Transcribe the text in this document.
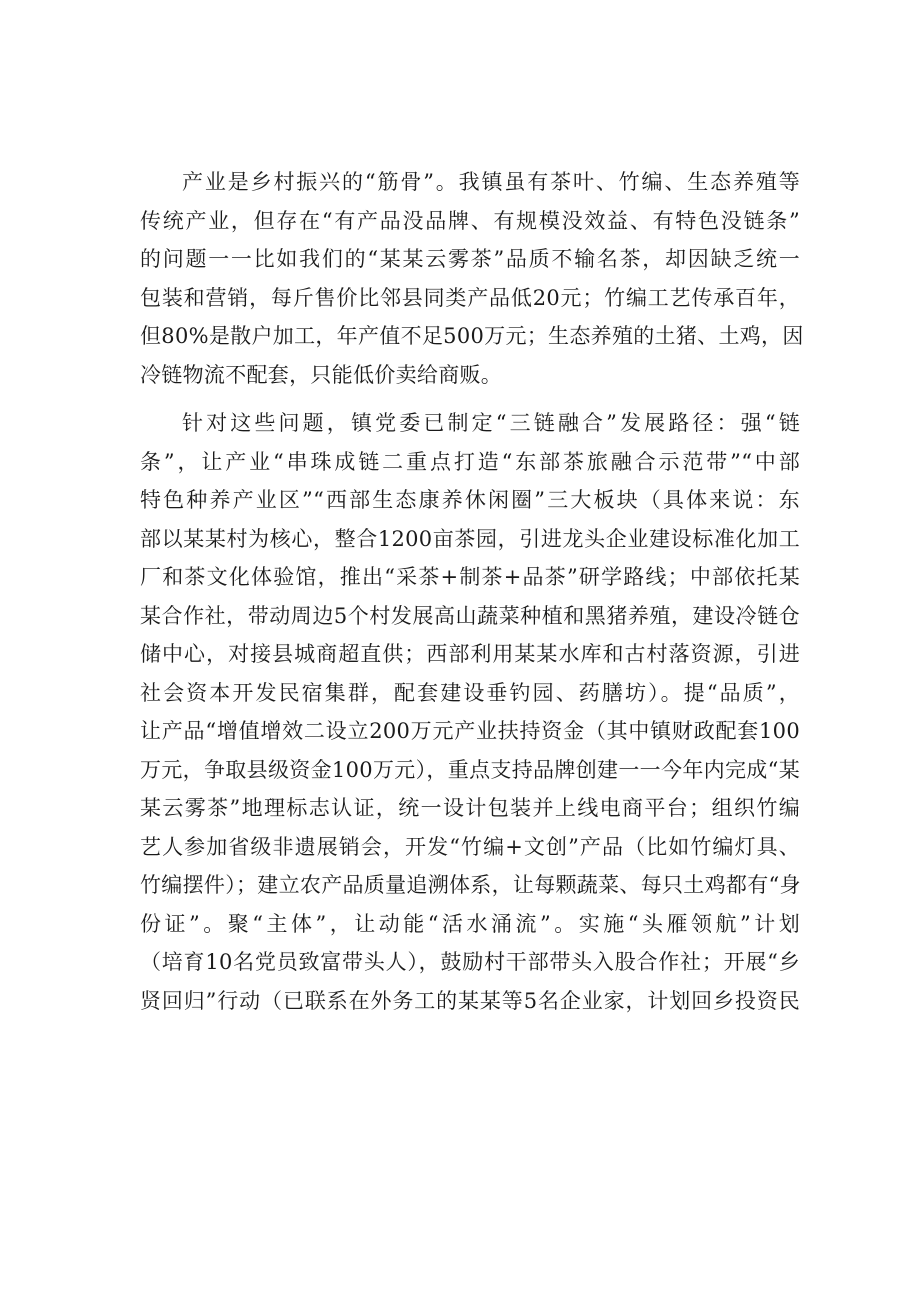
产业是乡村振兴的“筋骨”。我镇虽有茶叶、竹编、生态养殖等
传统产业，但存在“有产品没品牌、有规模没效益、有特色没链条”
的问题一一比如我们的“某某云雾茶”品质不输名茶，却因缺乏统一
包装和营销，每斤售价比邻县同类产品低20元；竹编工艺传承百年，
但80%是散户加工，年产值不足500万元；生态养殖的土猪、土鸡，因
冷链物流不配套，只能低价卖给商贩。
针对这些问题，镇党委已制定“三链融合”发展路径：强“链
条”，让产业“串珠成链二重点打造“东部茶旅融合示范带”“中部
特色种养产业区”“西部生态康养休闲圈”三大板块（具体来说：东
部以某某村为核心，整合1200亩茶园，引进龙头企业建设标准化加工
厂和茶文化体验馆，推出“采茶+制茶+品茶”研学路线；中部依托某
某合作社，带动周边5个村发展高山蔬菜种植和黑猪养殖，建设冷链仓
储中心，对接县城商超直供；西部利用某某水库和古村落资源，引进
社会资本开发民宿集群，配套建设垂钓园、药膳坊）。提“品质”，
让产品“增值增效二设立200万元产业扶持资金（其中镇财政配套100
万元，争取县级资金100万元），重点支持品牌创建一一今年内完成“某
某云雾茶”地理标志认证，统一设计包装并上线电商平台；组织竹编
艺人参加省级非遗展销会，开发“竹编+文创”产品（比如竹编灯具、
竹编摆件）；建立农产品质量追溯体系，让每颗蔬菜、每只土鸡都有“身
份证”。聚“主体”，让动能“活水涌流”。实施“头雁领航”计划
（培育10名党员致富带头人），鼓励村干部带头入股合作社；开展“乡
贤回归”行动（已联系在外务工的某某等5名企业家，计划回乡投资民
